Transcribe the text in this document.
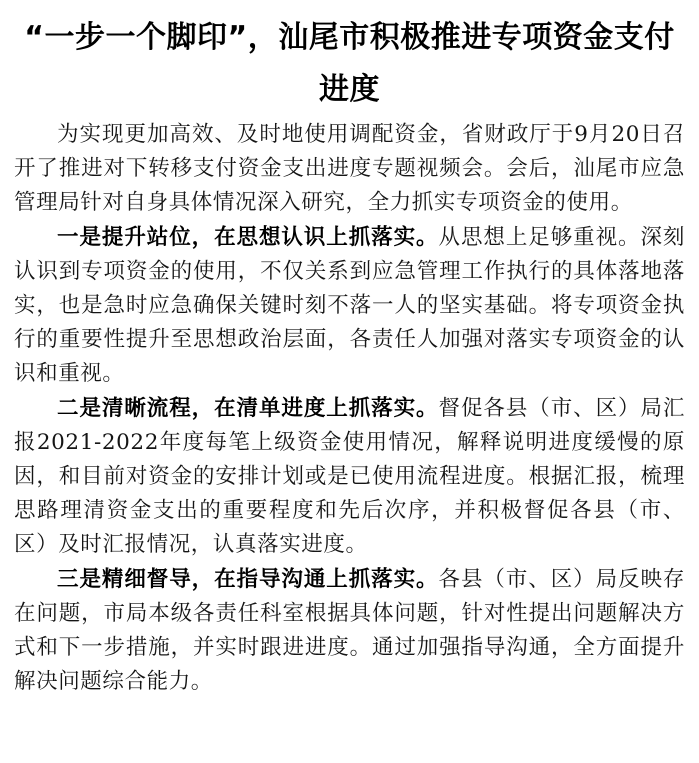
“一步一个脚印”，汕尾市积极推进专项资金支付进度

为实现更加高效、及时地使用调配资金，省财政厅于9月20日召开了推进对下转移支付资金支出进度专题视频会。会后，汕尾市应急管理局针对自身具体情况深入研究，全力抓实专项资金的使用。

一是提升站位，在思想认识上抓落实。从思想上足够重视。深刻认识到专项资金的使用，不仅关系到应急管理工作执行的具体落地落实，也是急时应急确保关键时刻不落一人的坚实基础。将专项资金执行的重要性提升至思想政治层面，各责任人加强对落实专项资金的认识和重视。

二是清晰流程，在清单进度上抓落实。督促各县（市、区）局汇报2021-2022年度每笔上级资金使用情况，解释说明进度缓慢的原因，和目前对资金的安排计划或是已使用流程进度。根据汇报，梳理思路理清资金支出的重要程度和先后次序，并积极督促各县（市、区）及时汇报情况，认真落实进度。

三是精细督导，在指导沟通上抓落实。各县（市、区）局反映存在问题，市局本级各责任科室根据具体问题，针对性提出问题解决方式和下一步措施，并实时跟进进度。通过加强指导沟通，全方面提升解决问题综合能力。
